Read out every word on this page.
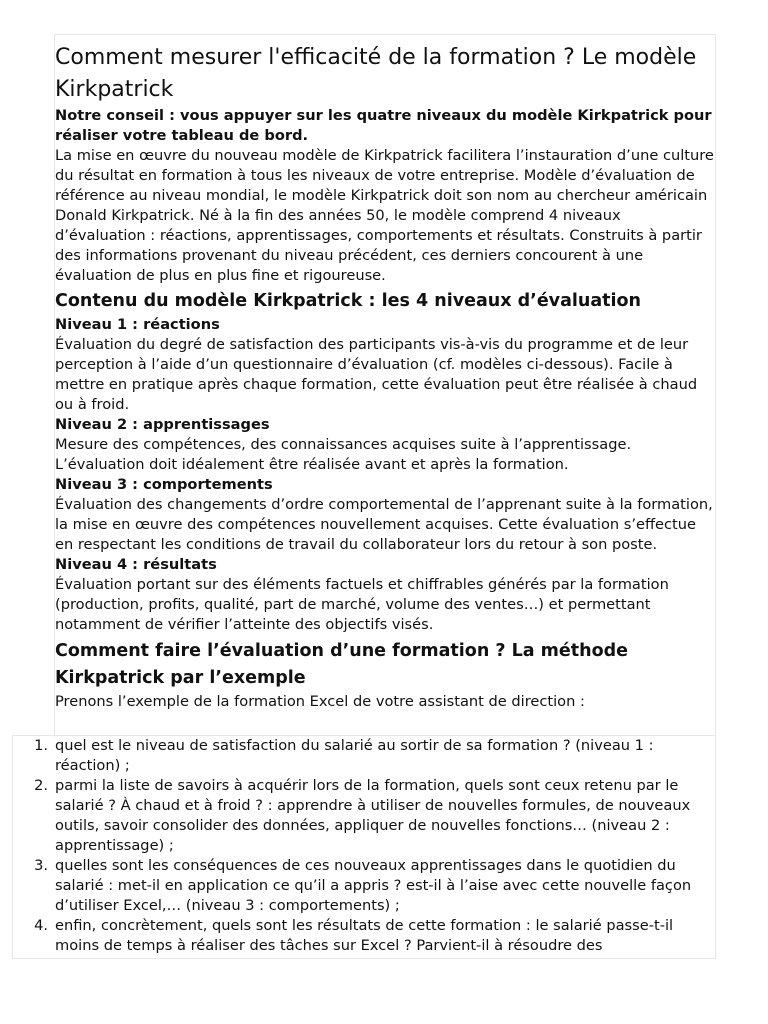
Comment mesurer l'efficacité de la formation ? Le modèle Kirkpatrick

Notre conseil : vous appuyer sur les quatre niveaux du modèle Kirkpatrick pour réaliser votre tableau de bord.

La mise en œuvre du nouveau modèle de Kirkpatrick facilitera l’instauration d’une culture du résultat en formation à tous les niveaux de votre entreprise. Modèle d’évaluation de référence au niveau mondial, le modèle Kirkpatrick doit son nom au chercheur américain Donald Kirkpatrick. Né à la fin des années 50, le modèle comprend 4 niveaux d’évaluation : réactions, apprentissages, comportements et résultats. Construits à partir des informations provenant du niveau précédent, ces derniers concourent à une évaluation de plus en plus fine et rigoureuse.

Contenu du modèle Kirkpatrick : les 4 niveaux d’évaluation

Niveau 1 : réactions

Évaluation du degré de satisfaction des participants vis-à-vis du programme et de leur perception à l’aide d’un questionnaire d’évaluation (cf. modèles ci-dessous). Facile à mettre en pratique après chaque formation, cette évaluation peut être réalisée à chaud ou à froid.

Niveau 2 : apprentissages

Mesure des compétences, des connaissances acquises suite à l’apprentissage. L’évaluation doit idéalement être réalisée avant et après la formation.

Niveau 3 : comportements

Évaluation des changements d’ordre comportemental de l’apprenant suite à la formation, la mise en œuvre des compétences nouvellement acquises. Cette évaluation s’effectue en respectant les conditions de travail du collaborateur lors du retour à son poste.

Niveau 4 : résultats

Évaluation portant sur des éléments factuels et chiffrables générés par la formation (production, profits, qualité, part de marché, volume des ventes…) et permettant notamment de vérifier l’atteinte des objectifs visés.

Comment faire l’évaluation d’une formation ? La méthode Kirkpatrick par l’exemple

Prenons l’exemple de la formation Excel de votre assistant de direction :

1. quel est le niveau de satisfaction du salarié au sortir de sa formation ? (niveau 1 : réaction) ;
2. parmi la liste de savoirs à acquérir lors de la formation, quels sont ceux retenu par le salarié ? À chaud et à froid ? : apprendre à utiliser de nouvelles formules, de nouveaux outils, savoir consolider des données, appliquer de nouvelles fonctions… (niveau 2 : apprentissage) ;
3. quelles sont les conséquences de ces nouveaux apprentissages dans le quotidien du salarié : met-il en application ce qu’il a appris ? est-il à l’aise avec cette nouvelle façon d’utiliser Excel,… (niveau 3 : comportements) ;
4. enfin, concrètement, quels sont les résultats de cette formation : le salarié passe-t-il moins de temps à réaliser des tâches sur Excel ? Parvient-il à résoudre des
